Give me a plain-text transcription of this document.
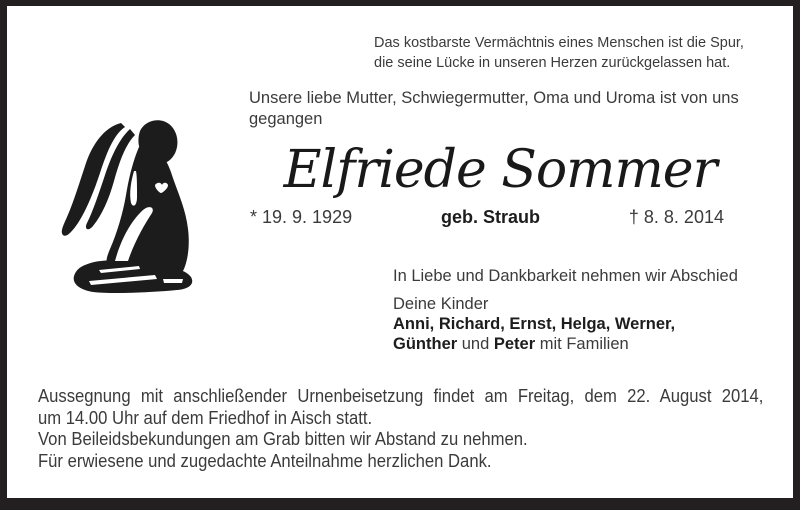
Das kostbarste Vermächtnis eines Menschen ist die Spur,
die seine Lücke in unseren Herzen zurückgelassen hat.
Unsere liebe Mutter, Schwiegermutter, Oma und Uroma ist von uns
gegangen
Elfriede Sommer
* 19. 9. 1929	geb. Straub	† 8. 8. 2014

In Liebe und Dankbarkeit nehmen wir Abschied

Deine Kinder

Anni, Richard, Ernst, Helga, Werner,

Günther und Peter mit Familien

Aussegnung mit anschließender Urnenbeisetzung findet am Freitag, dem 22. August 2014,

um 14.00 Uhr auf dem Friedhof in Aisch statt.

Von Beileidsbekundungen am Grab bitten wir Abstand zu nehmen.

Für erwiesene und zugedachte Anteilnahme herzlichen Dank.
